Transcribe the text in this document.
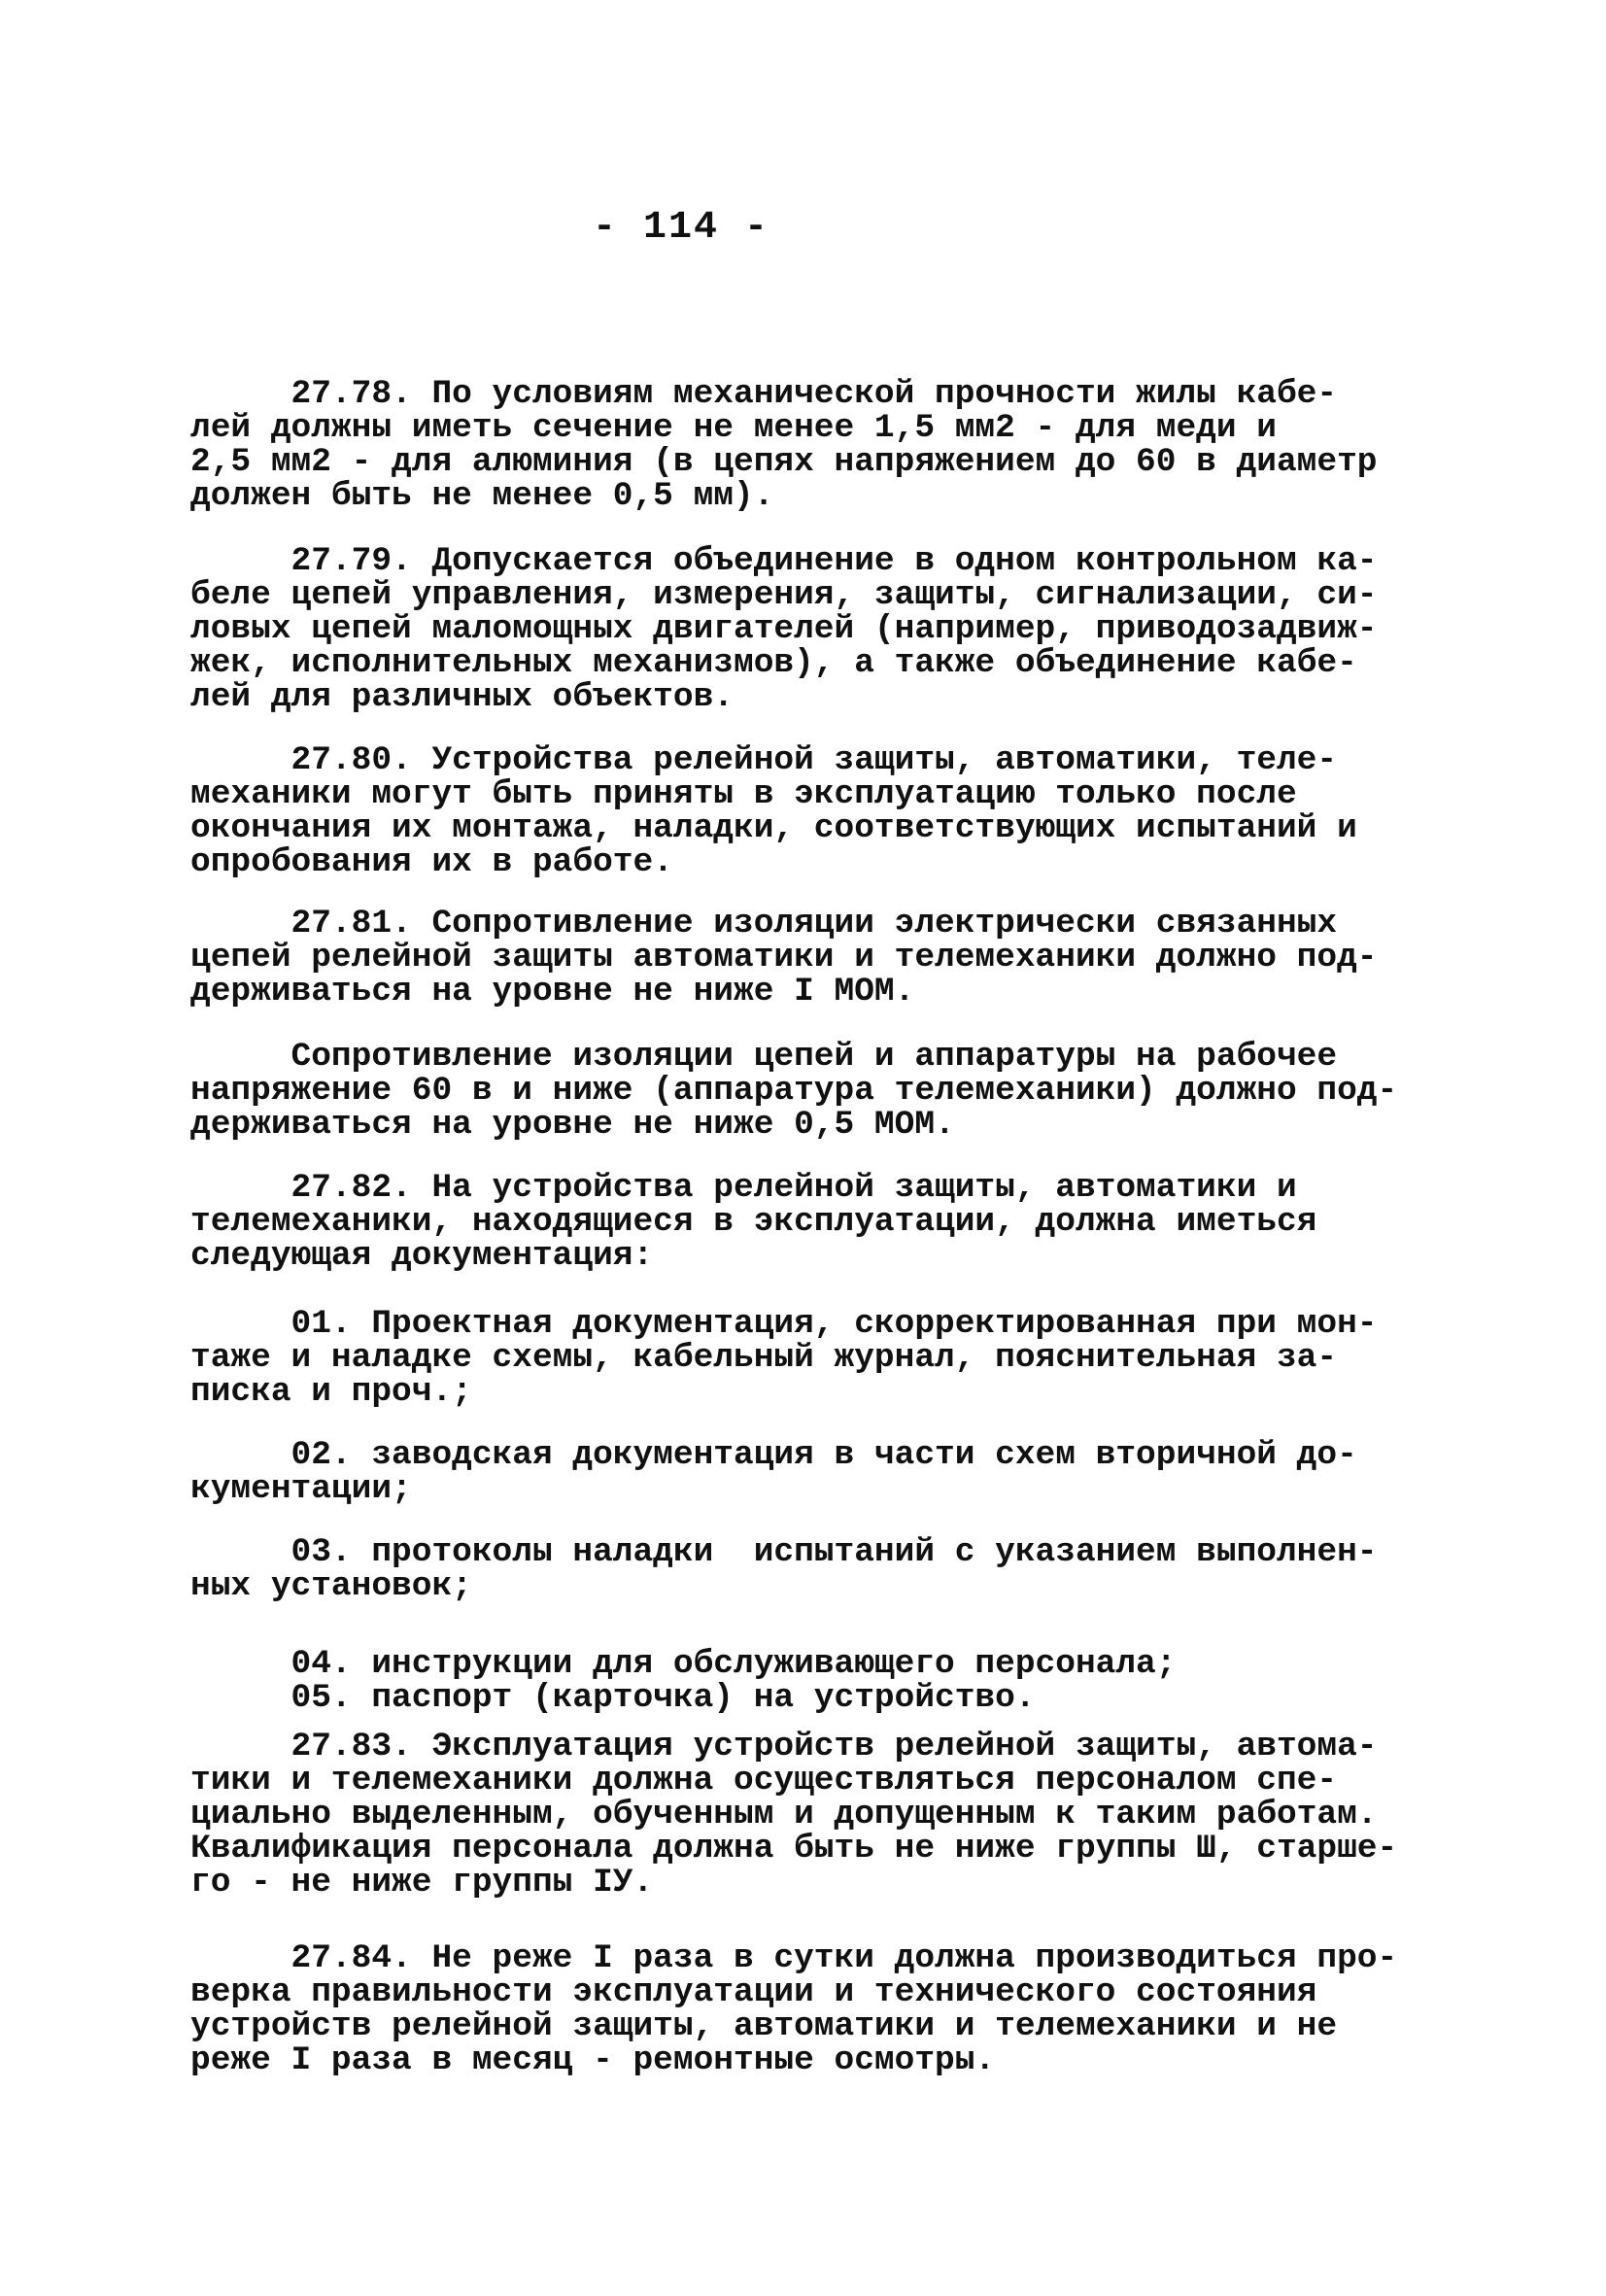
- 114 -
27.78. По условиям механической прочности жилы кабе-
лей должны иметь сечение не менее 1,5 мм2 - для меди и
2,5 мм2 - для алюминия (в цепях напряжением до 60 в диаметр
должен быть не менее 0,5 мм).
27.79. Допускается объединение в одном контрольном ка-
беле цепей управления, измерения, защиты, сигнализации, си-
ловых цепей маломощных двигателей (например, приводозадвиж-
жек, исполнительных механизмов), а также объединение кабе-
лей для различных объектов.
27.80. Устройства релейной защиты, автоматики, теле-
механики могут быть приняты в эксплуатацию только после
окончания их монтажа, наладки, соответствующих испытаний и
опробования их в работе.
27.81. Сопротивление изоляции электрически связанных
цепей релейной защиты автоматики и телемеханики должно под-
держиваться на уровне не ниже I МОМ.
Сопротивление изоляции цепей и аппаратуры на рабочее
напряжение 60 в и ниже (аппаратура телемеханики) должно под-
держиваться на уровне не ниже 0,5 МОМ.
27.82. На устройства релейной защиты, автоматики и
телемеханики, находящиеся в эксплуатации, должна иметься
следующая документация:
01. Проектная документация, скорректированная при мон-
таже и наладке схемы, кабельный журнал, пояснительная за-
писка и проч.;
02. заводская документация в части схем вторичной до-
кументации;
03. протоколы наладки  испытаний с указанием выполнен-
ных установок;
04. инструкции для обслуживающего персонала;
05. паспорт (карточка) на устройство.
27.83. Эксплуатация устройств релейной защиты, автома-
тики и телемеханики должна осуществляться персоналом спе-
циально выделенным, обученным и допущенным к таким работам.
Квалификация персонала должна быть не ниже группы Ш, старше-
го - не ниже группы IУ.
27.84. Не реже I раза в сутки должна производиться про-
верка правильности эксплуатации и технического состояния
устройств релейной защиты, автоматики и телемеханики и не
реже I раза в месяц - ремонтные осмотры.
